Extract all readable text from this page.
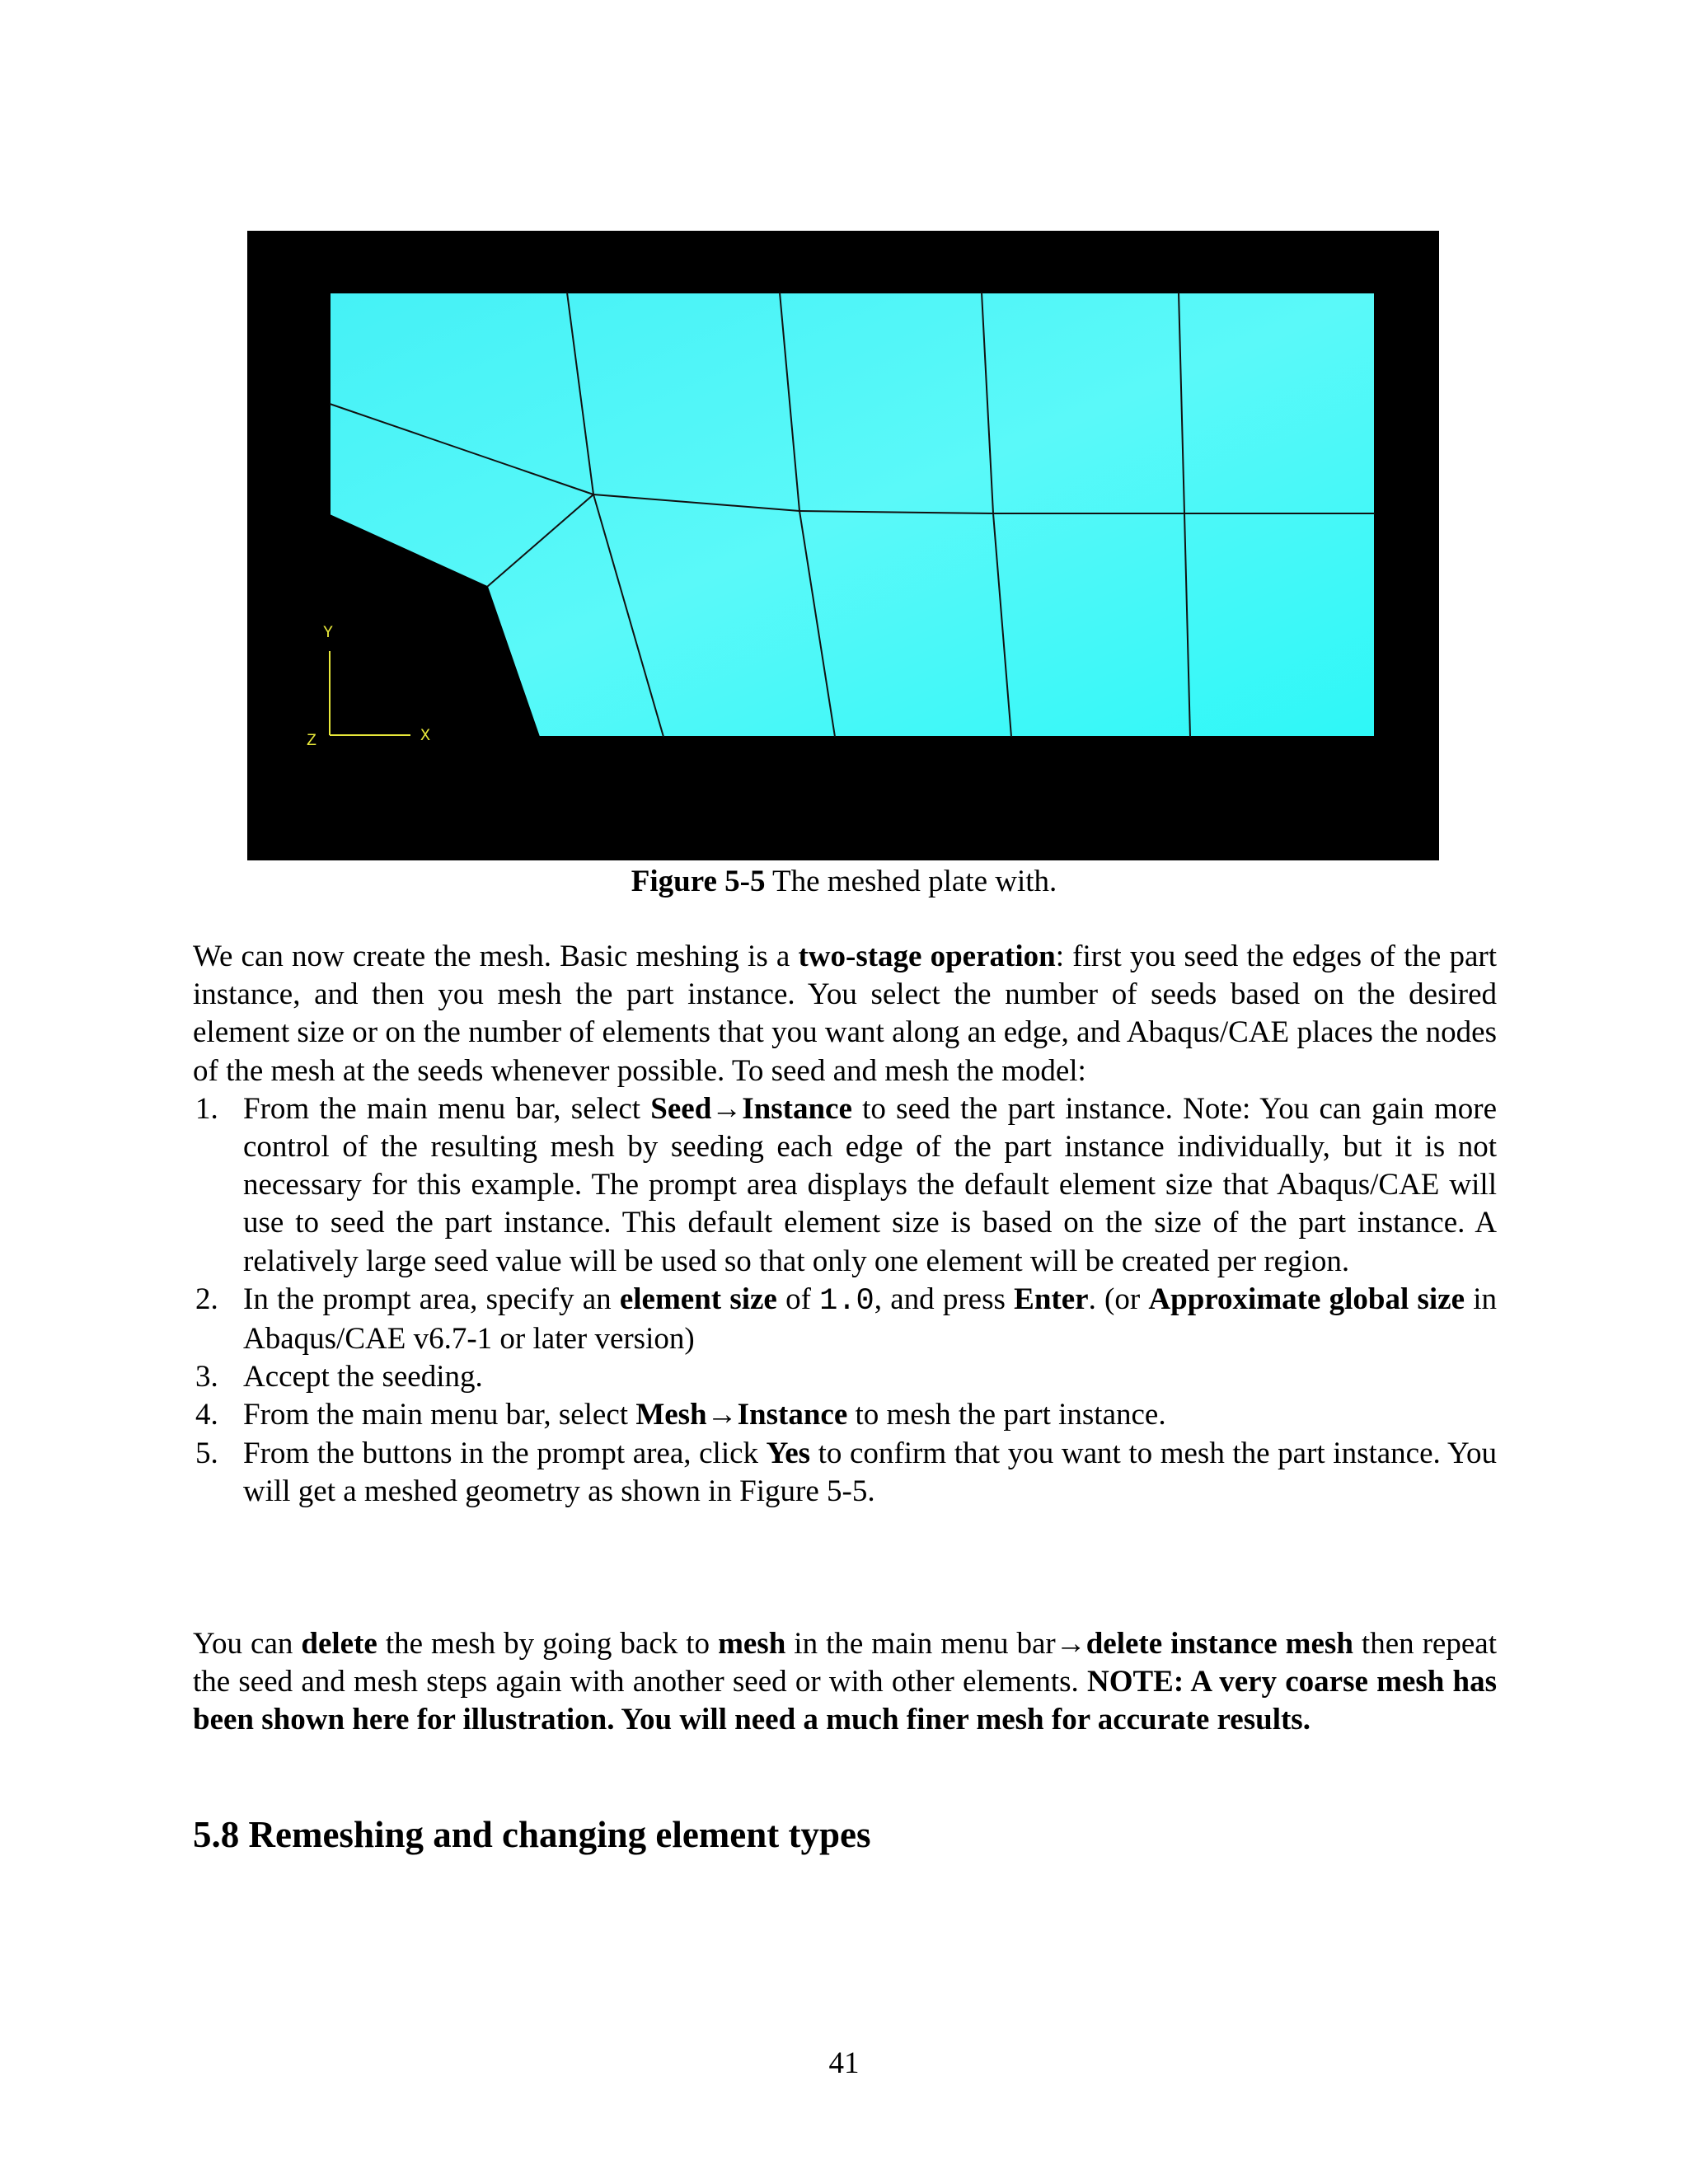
Y
X
Z
Figure 5-5 The meshed plate with.

We can now create the mesh. Basic meshing is a two-stage operation: first you seed the edges of the part instance, and then you mesh the part instance. You select the number of seeds based on the desired element size or on the number of elements that you want along an edge, and Abaqus/CAE places the nodes of the mesh at the seeds whenever possible. To seed and mesh the model:

1. From the main menu bar, select Seed→Instance to seed the part instance. Note: You can gain more control of the resulting mesh by seeding each edge of the part instance individually, but it is not necessary for this example. The prompt area displays the default element size that Abaqus/CAE will use to seed the part instance. This default element size is based on the size of the part instance. A relatively large seed value will be used so that only one element will be created per region.
2. In the prompt area, specify an element size of 1.0, and press Enter. (or Approximate global size in Abaqus/CAE v6.7-1 or later version)
3. Accept the seeding.
4. From the main menu bar, select Mesh→Instance to mesh the part instance.
5. From the buttons in the prompt area, click Yes to confirm that you want to mesh the part instance. You will get a meshed geometry as shown in Figure 5-5.

You can delete the mesh by going back to mesh in the main menu bar→delete instance mesh then repeat the seed and mesh steps again with another seed or with other elements. NOTE: A very coarse mesh has been shown here for illustration. You will need a much finer mesh for accurate results.

5.8 Remeshing and changing element types
41
